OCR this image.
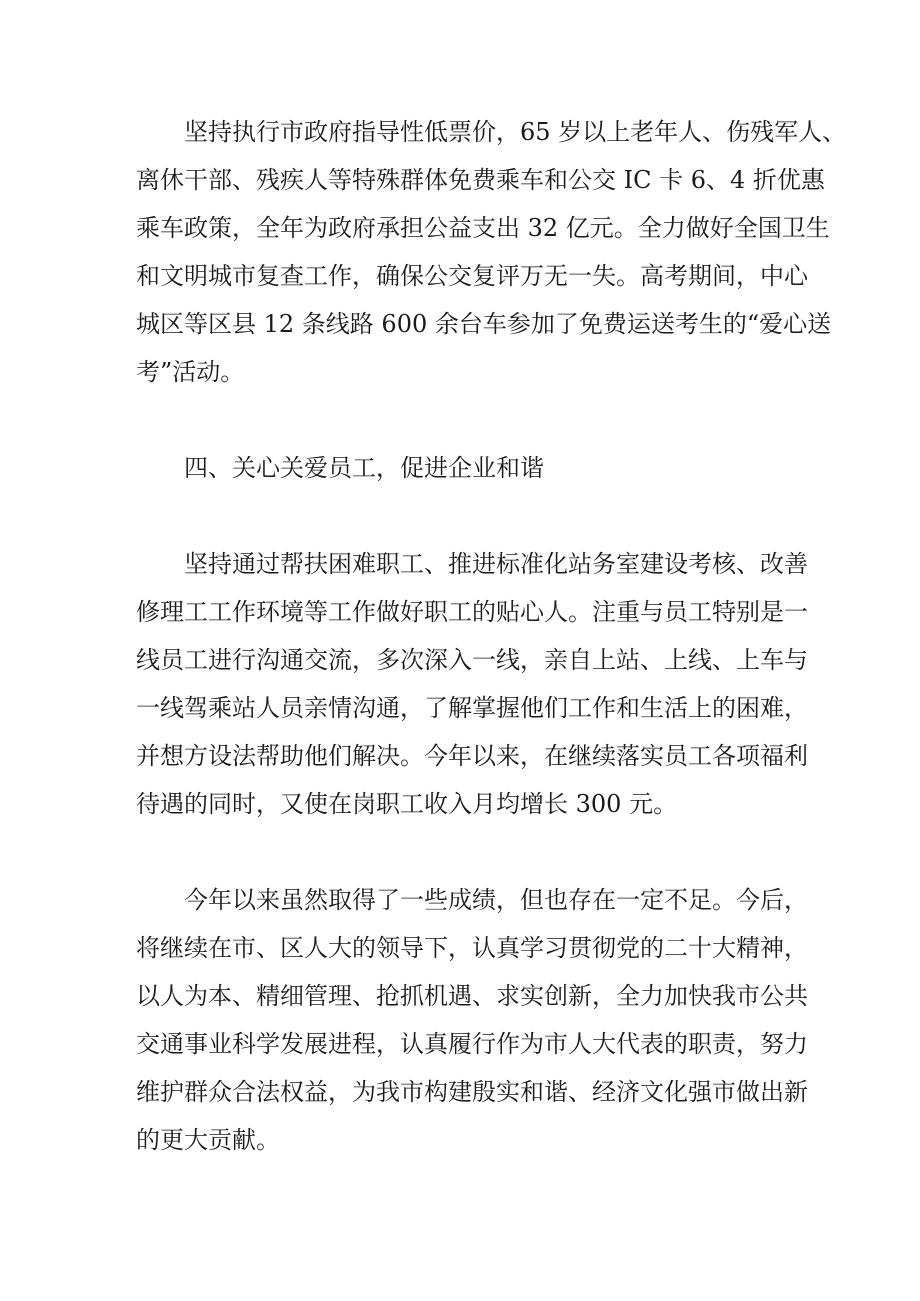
坚持执行市政府指导性低票价，65 岁以上老年人、伤残军人、
离休干部、残疾人等特殊群体免费乘车和公交 IC 卡 6、4 折优惠
乘车政策，全年为政府承担公益支出 32 亿元。全力做好全国卫生
和文明城市复查工作，确保公交复评万无一失。高考期间，中心
城区等区县 12 条线路 600 余台车参加了免费运送考生的“爱心送
考”活动。
四、关心关爱员工，促进企业和谐
坚持通过帮扶困难职工、推进标准化站务室建设考核、改善
修理工工作环境等工作做好职工的贴心人。注重与员工特别是一
线员工进行沟通交流，多次深入一线，亲自上站、上线、上车与
一线驾乘站人员亲情沟通，了解掌握他们工作和生活上的困难，
并想方设法帮助他们解决。今年以来，在继续落实员工各项福利
待遇的同时，又使在岗职工收入月均增长 300 元。
今年以来虽然取得了一些成绩，但也存在一定不足。今后，
将继续在市、区人大的领导下，认真学习贯彻党的二十大精神，
以人为本、精细管理、抢抓机遇、求实创新，全力加快我市公共
交通事业科学发展进程，认真履行作为市人大代表的职责，努力
维护群众合法权益，为我市构建殷实和谐、经济文化强市做出新
的更大贡献。
